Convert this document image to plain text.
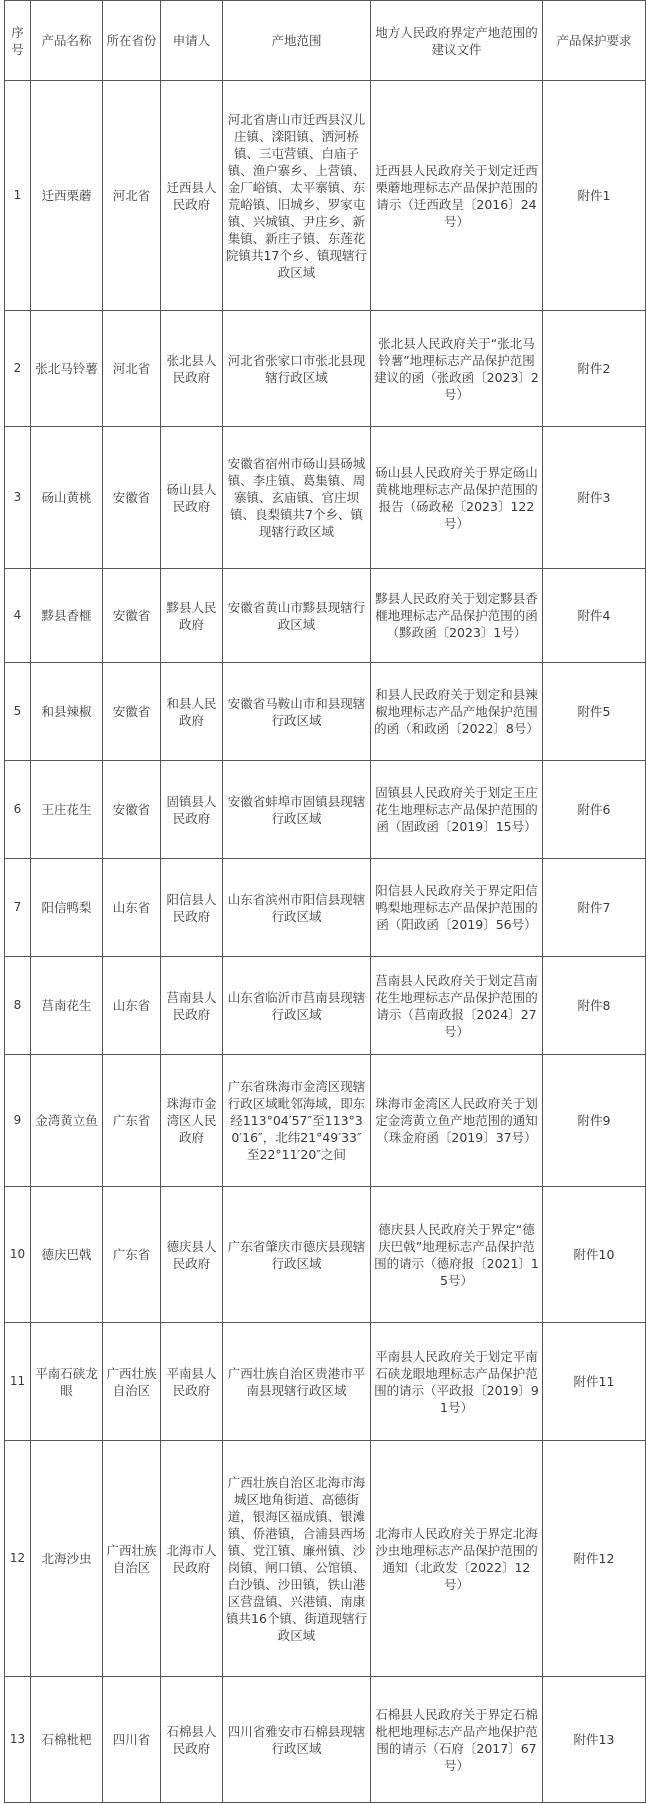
序号	产品名称	所在省份	申请人	产地范围	地方人民政府界定产地范围的建议文件	产品保护要求
1	迁西栗蘑	河北省	迁西县人民政府	河北省唐山市迁西县汉儿庄镇、滦阳镇、洒河桥镇、三屯营镇、白庙子镇、渔户寨乡、上营镇、金厂峪镇、太平寨镇、东荒峪镇、旧城乡、罗家屯镇、兴城镇、尹庄乡、新集镇、新庄子镇、东莲花院镇共17个乡、镇现辖行政区域	迁西县人民政府关于划定迁西栗蘑地理标志产品保护范围的请示（迁西政呈〔2016〕24号）	附件1
2	张北马铃薯	河北省	张北县人民政府	河北省张家口市张北县现辖行政区域	张北县人民政府关于“张北马铃薯”地理标志产品保护范围建议的函（张政函〔2023〕2号）	附件2
3	砀山黄桃	安徽省	砀山县人民政府	安徽省宿州市砀山县砀城镇、李庄镇、葛集镇、周寨镇、玄庙镇、官庄坝镇、良梨镇共7个乡、镇现辖行政区域	砀山县人民政府关于界定砀山黄桃地理标志产品保护范围的报告（砀政秘〔2023〕122号）	附件3
4	黟县香榧	安徽省	黟县人民政府	安徽省黄山市黟县现辖行政区域	黟县人民政府关于划定黟县香榧地理标志产品保护范围的函（黟政函〔2023〕1号）	附件4
5	和县辣椒	安徽省	和县人民政府	安徽省马鞍山市和县现辖行政区域	和县人民政府关于划定和县辣椒地理标志产品产地保护范围的函（和政函〔2022〕8号）	附件5
6	王庄花生	安徽省	固镇县人民政府	安徽省蚌埠市固镇县现辖行政区域	固镇县人民政府关于划定王庄花生地理标志产品保护范围的函（固政函〔2019〕15号）	附件6
7	阳信鸭梨	山东省	阳信县人民政府	山东省滨州市阳信县现辖行政区域	阳信县人民政府关于界定阳信鸭梨地理标志产品保护范围的函（阳政函〔2019〕56号）	附件7
8	莒南花生	山东省	莒南县人民政府	山东省临沂市莒南县现辖行政区域	莒南县人民政府关于划定莒南花生地理标志产品保护范围的请示（莒南政报〔2024〕27号）	附件8
9	金湾黄立鱼	广东省	珠海市金湾区人民政府	广东省珠海市金湾区现辖行政区域毗邻海域，即东经113°04′57″至113°30′16″，北纬21°49′33″至22°11′20″之间	珠海市金湾区人民政府关于划定金湾黄立鱼产地范围的通知（珠金府函〔2019〕37号）	附件9
10	德庆巴戟	广东省	德庆县人民政府	广东省肇庆市德庆县现辖行政区域	德庆县人民政府关于界定“德庆巴戟”地理标志产品保护范围的请示（德府报〔2021〕15号）	附件10
11	平南石硖龙眼	广西壮族自治区	平南县人民政府	广西壮族自治区贵港市平南县现辖行政区域	平南县人民政府关于划定平南石硖龙眼地理标志产品保护范围的请示（平政报〔2019〕91号）	附件11
12	北海沙虫	广西壮族自治区	北海市人民政府	广西壮族自治区北海市海城区地角街道、高德街道，银海区福成镇、银滩镇、侨港镇，合浦县西场镇、党江镇、廉州镇、沙岗镇、闸口镇、公馆镇、白沙镇、沙田镇，铁山港区营盘镇、兴港镇、南康镇共16个镇、街道现辖行政区域	北海市人民政府关于界定北海沙虫地理标志产品保护范围的通知（北政发〔2022〕12号）	附件12
13	石棉枇杷	四川省	石棉县人民政府	四川省雅安市石棉县现辖行政区域	石棉县人民政府关于界定石棉枇杷地理标志产品产地保护范围的请示（石府〔2017〕67号）	附件13
